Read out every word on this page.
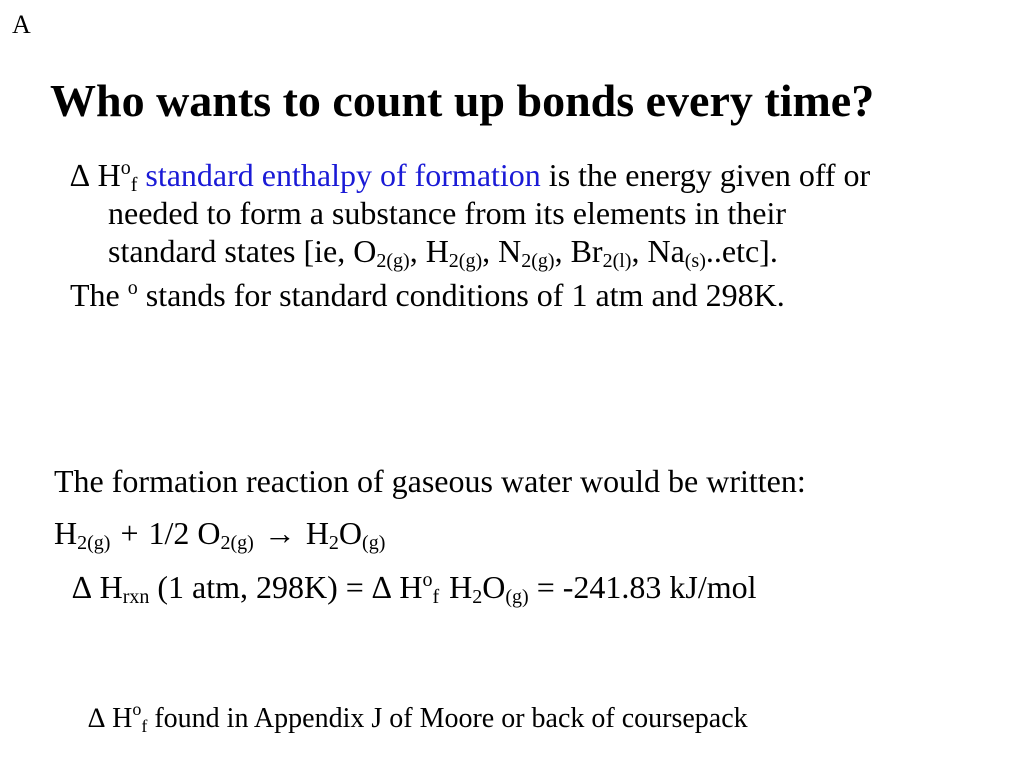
A
Who wants to count up bonds every time?

∆ $H^o_f$ standard enthalpy of formation is the energy given off or needed to form a substance from its elements in their standard states [ie, $O_{2(g)}$, $H_{2(g)}$, $N_{2(g)}$, $Br_{2(l)}$, $Na_{(s)}..etc$].

The $^o$ stands for standard conditions of 1 atm and 298K.

The formation reaction of gaseous water would be written:
$H_{2(g)} + 1/2$ $O_{2(g)} \to H_2O_{(g)}$
∆ $H_{rxn}$ (1 atm, 298K) = ∆ $H^o_f$ $H_2O_{(g)} = -241.83$ kJ/mol
∆ $H^o_f$ found in Appendix J of Moore or back of coursepack
